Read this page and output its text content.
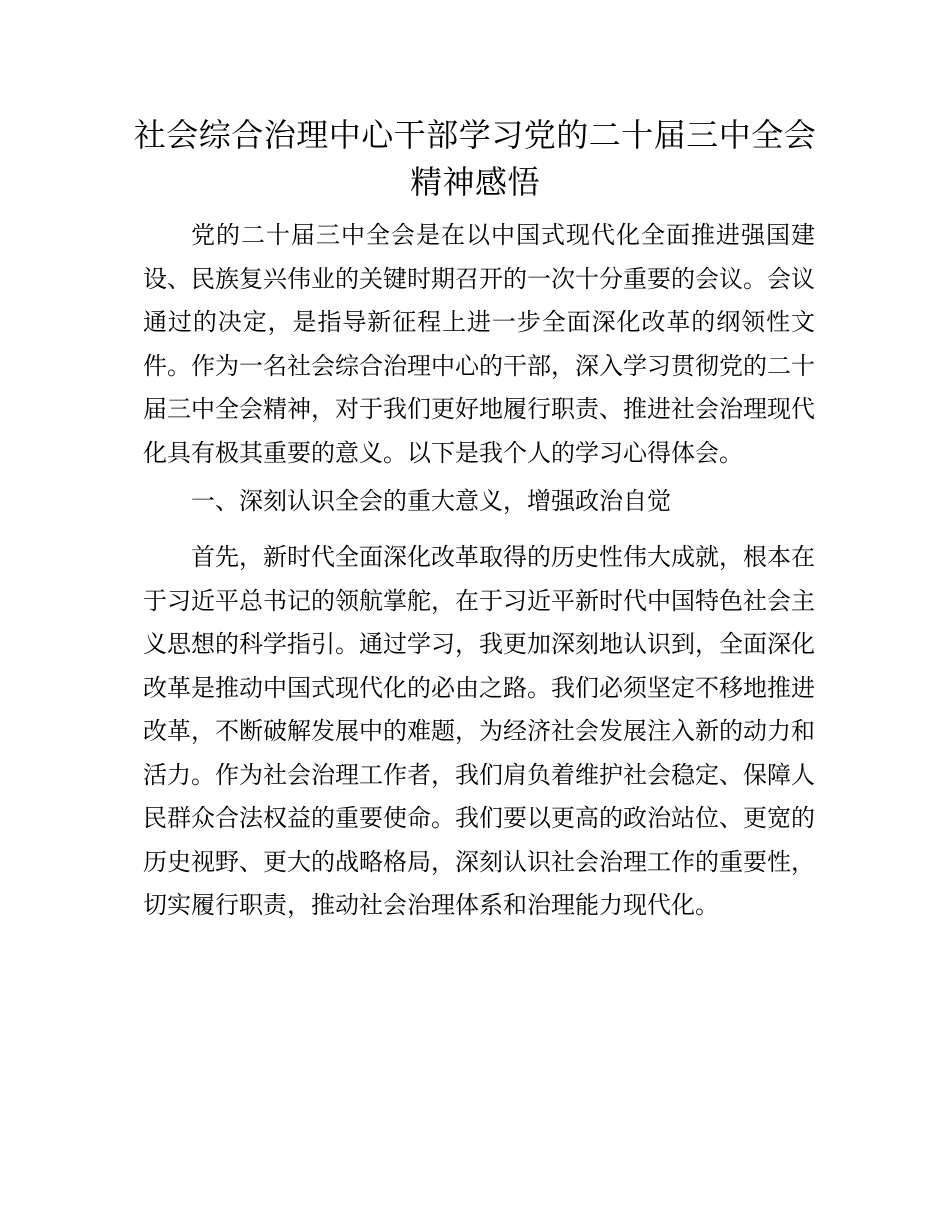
社会综合治理中心干部学习党的二十届三中全会精神感悟

党的二十届三中全会是在以中国式现代化全面推进强国建设、民族复兴伟业的关键时期召开的一次十分重要的会议。会议通过的决定，是指导新征程上进一步全面深化改革的纲领性文件。作为一名社会综合治理中心的干部，深入学习贯彻党的二十届三中全会精神，对于我们更好地履行职责、推进社会治理现代化具有极其重要的意义。以下是我个人的学习心得体会。

一、深刻认识全会的重大意义，增强政治自觉

首先，新时代全面深化改革取得的历史性伟大成就，根本在于习近平总书记的领航掌舵，在于习近平新时代中国特色社会主义思想的科学指引。通过学习，我更加深刻地认识到，全面深化改革是推动中国式现代化的必由之路。我们必须坚定不移地推进改革，不断破解发展中的难题，为经济社会发展注入新的动力和活力。作为社会治理工作者，我们肩负着维护社会稳定、保障人民群众合法权益的重要使命。我们要以更高的政治站位、更宽的历史视野、更大的战略格局，深刻认识社会治理工作的重要性，切实履行职责，推动社会治理体系和治理能力现代化。
